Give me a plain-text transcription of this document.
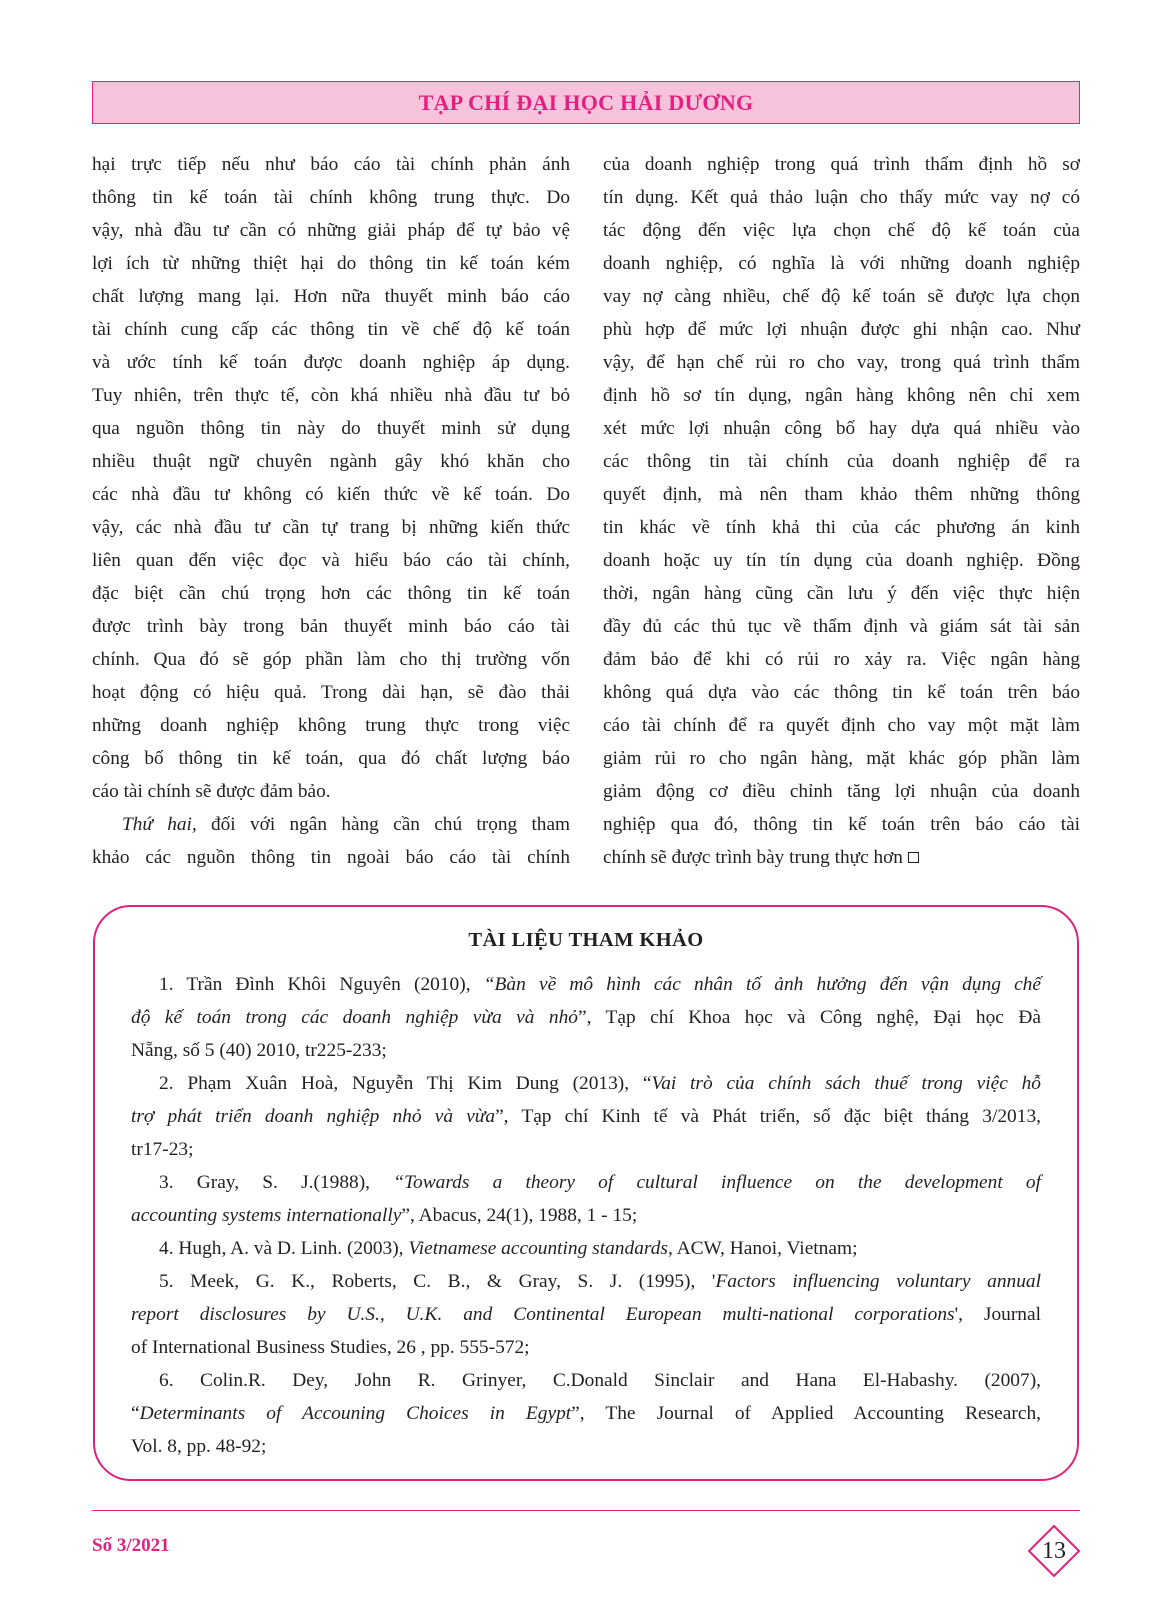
TẠP CHÍ ĐẠI HỌC HẢI DƯƠNG
hại trực tiếp nếu như báo cáo tài chính phản ánh
thông tin kế toán tài chính không trung thực. Do
vậy, nhà đầu tư cần có những giải pháp để tự bảo vệ
lợi ích từ những thiệt hại do thông tin kế toán kém
chất lượng mang lại. Hơn nữa thuyết minh báo cáo
tài chính cung cấp các thông tin về chế độ kế toán
và ước tính kế toán được doanh nghiệp áp dụng.
Tuy nhiên, trên thực tế, còn khá nhiều nhà đầu tư bỏ
qua nguồn thông tin này do thuyết minh sử dụng
nhiều thuật ngữ chuyên ngành gây khó khăn cho
các nhà đầu tư không có kiến thức về kế toán. Do
vậy, các nhà đầu tư cần tự trang bị những kiến thức
liên quan đến việc đọc và hiểu báo cáo tài chính,
đặc biệt cần chú trọng hơn các thông tin kế toán
được trình bày trong bản thuyết minh báo cáo tài
chính. Qua đó sẽ góp phần làm cho thị trường vốn
hoạt động có hiệu quả. Trong dài hạn, sẽ đào thải
những doanh nghiệp không trung thực trong việc
công bố thông tin kế toán, qua đó chất lượng báo
cáo tài chính sẽ được đảm bảo.
Thứ hai, đối với ngân hàng cần chú trọng tham
khảo các nguồn thông tin ngoài báo cáo tài chính
của doanh nghiệp trong quá trình thẩm định hồ sơ
tín dụng. Kết quả thảo luận cho thấy mức vay nợ có
tác động đến việc lựa chọn chế độ kế toán của
doanh nghiệp, có nghĩa là với những doanh nghiệp
vay nợ càng nhiều, chế độ kế toán sẽ được lựa chọn
phù hợp để mức lợi nhuận được ghi nhận cao. Như
vậy, để hạn chế rủi ro cho vay, trong quá trình thẩm
định hồ sơ tín dụng, ngân hàng không nên chỉ xem
xét mức lợi nhuận công bố hay dựa quá nhiều vào
các thông tin tài chính của doanh nghiệp để ra
quyết định, mà nên tham khảo thêm những thông
tin khác về tính khả thi của các phương án kinh
doanh hoặc uy tín tín dụng của doanh nghiệp. Đồng
thời, ngân hàng cũng cần lưu ý đến việc thực hiện
đầy đủ các thủ tục về thẩm định và giám sát tài sản
đảm bảo để khi có rủi ro xảy ra. Việc ngân hàng
không quá dựa vào các thông tin kế toán trên báo
cáo tài chính để ra quyết định cho vay một mặt làm
giảm rủi ro cho ngân hàng, mặt khác góp phần làm
giảm động cơ điều chỉnh tăng lợi nhuận của doanh
nghiệp qua đó, thông tin kế toán trên báo cáo tài
chính sẽ được trình bày trung thực hơn
TÀI LIỆU THAM KHẢO
1. Trần Đình Khôi Nguyên (2010), “Bàn về mô hình các nhân tố ảnh hưởng đến vận dụng chế
độ kế toán trong các doanh nghiệp vừa và nhỏ”, Tạp chí Khoa học và Công nghệ, Đại học Đà
Nẵng, số 5 (40) 2010, tr225-233;
2. Phạm Xuân Hoà, Nguyễn Thị Kim Dung (2013), “Vai trò của chính sách thuế trong việc hỗ
trợ phát triển doanh nghiệp nhỏ và vừa”, Tạp chí Kinh tế và Phát triển, số đặc biệt tháng 3/2013,
tr17-23;
3. Gray, S. J.(1988), “Towards a theory of cultural influence on the development of
accounting systems internationally”, Abacus, 24(1), 1988, 1 - 15;
4. Hugh, A. và D. Linh. (2003), Vietnamese accounting standards, ACW, Hanoi, Vietnam;
5. Meek, G. K., Roberts, C. B., & Gray, S. J. (1995), 'Factors influencing voluntary annual
report disclosures by U.S., U.K. and Continental European multi-national corporations', Journal
of International Business Studies, 26 , pp. 555-572;
6. Colin.R. Dey, John R. Grinyer, C.Donald Sinclair and Hana El-Habashy. (2007),
“Determinants of Accouning Choices in Egypt”, The Journal of Applied Accounting Research,
Vol. 8, pp. 48-92;
Số 3/2021	13
